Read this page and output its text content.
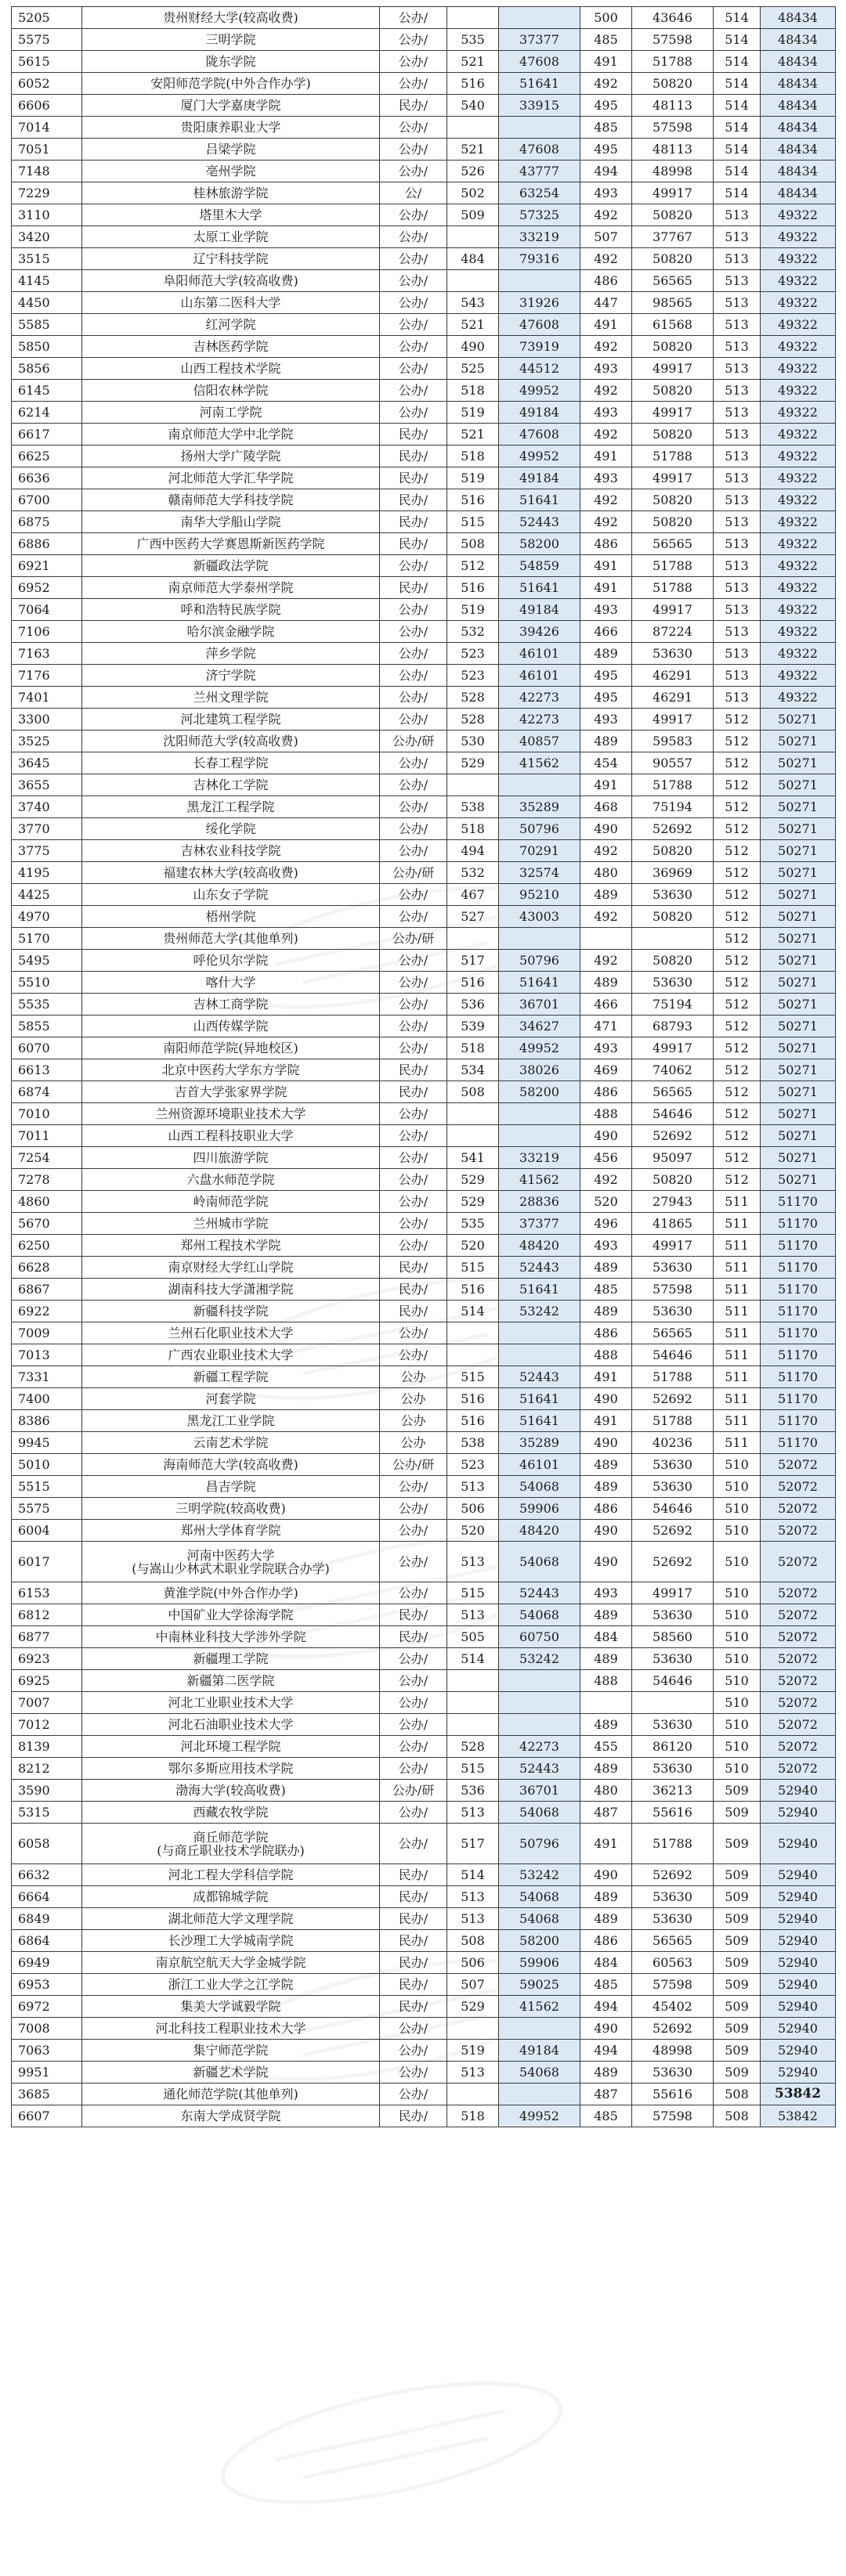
5205	贵州财经大学(较高收费)	公办/			500	43646	514	48434
5575	三明学院	公办/	535	37377	485	57598	514	48434
5615	陇东学院	公办/	521	47608	491	51788	514	48434
6052	安阳师范学院(中外合作办学)	公办/	516	51641	492	50820	514	48434
6606	厦门大学嘉庚学院	民办/	540	33915	495	48113	514	48434
7014	贵阳康养职业大学	公办/			485	57598	514	48434
7051	吕梁学院	公办/	521	47608	495	48113	514	48434
7148	亳州学院	公办/	526	43777	494	48998	514	48434
7229	桂林旅游学院	公/	502	63254	493	49917	514	48434
3110	塔里木大学	公办/	509	57325	492	50820	513	49322
3420	太原工业学院	公办/		33219	507	37767	513	49322
3515	辽宁科技学院	公办/	484	79316	492	50820	513	49322
4145	阜阳师范大学(较高收费)	公办/			486	56565	513	49322
4450	山东第二医科大学	公办/	543	31926	447	98565	513	49322
5585	红河学院	公办/	521	47608	491	61568	513	49322
5850	吉林医药学院	公办/	490	73919	492	50820	513	49322
5856	山西工程技术学院	公办/	525	44512	493	49917	513	49322
6145	信阳农林学院	公办/	518	49952	492	50820	513	49322
6214	河南工学院	公办/	519	49184	493	49917	513	49322
6617	南京师范大学中北学院	民办/	521	47608	492	50820	513	49322
6625	扬州大学广陵学院	民办/	518	49952	491	51788	513	49322
6636	河北师范大学汇华学院	民办/	519	49184	493	49917	513	49322
6700	赣南师范大学科技学院	民办/	516	51641	492	50820	513	49322
6875	南华大学船山学院	民办/	515	52443	492	50820	513	49322
6886	广西中医药大学赛恩斯新医药学院	民办/	508	58200	486	56565	513	49322
6921	新疆政法学院	公办/	512	54859	491	51788	513	49322
6952	南京师范大学泰州学院	民办/	516	51641	491	51788	513	49322
7064	呼和浩特民族学院	公办/	519	49184	493	49917	513	49322
7106	哈尔滨金融学院	公办/	532	39426	466	87224	513	49322
7163	萍乡学院	公办/	523	46101	489	53630	513	49322
7176	济宁学院	公办/	523	46101	495	46291	513	49322
7401	兰州文理学院	公办/	528	42273	495	46291	513	49322
3300	河北建筑工程学院	公办/	528	42273	493	49917	512	50271
3525	沈阳师范大学(较高收费)	公办/研	530	40857	489	59583	512	50271
3645	长春工程学院	公办/	529	41562	454	90557	512	50271
3655	吉林化工学院	公办/			491	51788	512	50271
3740	黑龙江工程学院	公办/	538	35289	468	75194	512	50271
3770	绥化学院	公办/	518	50796	490	52692	512	50271
3775	吉林农业科技学院	公办/	494	70291	492	50820	512	50271
4195	福建农林大学(较高收费)	公办/研	532	32574	480	36969	512	50271
4425	山东女子学院	公办/	467	95210	489	53630	512	50271
4970	梧州学院	公办/	527	43003	492	50820	512	50271
5170	贵州师范大学(其他单列)	公办/研					512	50271
5495	呼伦贝尔学院	公办/	517	50796	492	50820	512	50271
5510	喀什大学	公办/	516	51641	489	53630	512	50271
5535	吉林工商学院	公办/	536	36701	466	75194	512	50271
5855	山西传媒学院	公办/	539	34627	471	68793	512	50271
6070	南阳师范学院(异地校区)	公办/	518	49952	493	49917	512	50271
6613	北京中医药大学东方学院	民办/	534	38026	469	74062	512	50271
6874	吉首大学张家界学院	民办/	508	58200	486	56565	512	50271
7010	兰州资源环境职业技术大学	公办/			488	54646	512	50271
7011	山西工程科技职业大学	公办/			490	52692	512	50271
7254	四川旅游学院	公办/	541	33219	456	95097	512	50271
7278	六盘水师范学院	公办/	529	41562	492	50820	512	50271
4860	岭南师范学院	公办/	529	28836	520	27943	511	51170
5670	兰州城市学院	公办/	535	37377	496	41865	511	51170
6250	郑州工程技术学院	公办/	520	48420	493	49917	511	51170
6628	南京财经大学红山学院	民办/	515	52443	489	53630	511	51170
6867	湖南科技大学潇湘学院	民办/	516	51641	485	57598	511	51170
6922	新疆科技学院	民办/	514	53242	489	53630	511	51170
7009	兰州石化职业技术大学	公办/			486	56565	511	51170
7013	广西农业职业技术大学	公办/			488	54646	511	51170
7331	新疆工程学院	公办	515	52443	491	51788	511	51170
7400	河套学院	公办	516	51641	490	52692	511	51170
8386	黑龙江工业学院	公办	516	51641	491	51788	511	51170
9945	云南艺术学院	公办	538	35289	490	40236	511	51170
5010	海南师范大学(较高收费)	公办/研	523	46101	489	53630	510	52072
5515	昌吉学院	公办/	513	54068	489	53630	510	52072
5575	三明学院(较高收费)	公办/	506	59906	486	54646	510	52072
6004	郑州大学体育学院	公办/	520	48420	490	52692	510	52072
6017	河南中医药大学
(与嵩山少林武术职业学院联合办学)	公办/	513	54068	490	52692	510	52072
6153	黄淮学院(中外合作办学)	公办/	515	52443	493	49917	510	52072
6812	中国矿业大学徐海学院	民办/	513	54068	489	53630	510	52072
6877	中南林业科技大学涉外学院	民办/	505	60750	484	58560	510	52072
6923	新疆理工学院	公办/	514	53242	489	53630	510	52072
6925	新疆第二医学院	公办/			488	54646	510	52072
7007	河北工业职业技术大学	公办/					510	52072
7012	河北石油职业技术大学	公办/			489	53630	510	52072
8139	河北环境工程学院	公办/	528	42273	455	86120	510	52072
8212	鄂尔多斯应用技术学院	公办/	515	52443	489	53630	510	52072
3590	渤海大学(较高收费)	公办/研	536	36701	480	36213	509	52940
5315	西藏农牧学院	公办/	513	54068	487	55616	509	52940
6058	商丘师范学院
(与商丘职业技术学院联办)	公办/	517	50796	491	51788	509	52940
6632	河北工程大学科信学院	民办/	514	53242	490	52692	509	52940
6664	成都锦城学院	民办/	513	54068	489	53630	509	52940
6849	湖北师范大学文理学院	民办/	513	54068	489	53630	509	52940
6864	长沙理工大学城南学院	民办/	508	58200	486	56565	509	52940
6949	南京航空航天大学金城学院	民办/	506	59906	484	60563	509	52940
6953	浙江工业大学之江学院	民办/	507	59025	485	57598	509	52940
6972	集美大学诚毅学院	民办/	529	41562	494	45402	509	52940
7008	河北科技工程职业技术大学	公办/			490	52692	509	52940
7063	集宁师范学院	公办/	519	49184	494	48998	509	52940
9951	新疆艺术学院	公办/	513	54068	489	53630	509	52940
3685	通化师范学院(其他单列)	公办/			487	55616	508	53842
6607	东南大学成贤学院	民办/	518	49952	485	57598	508	53842
